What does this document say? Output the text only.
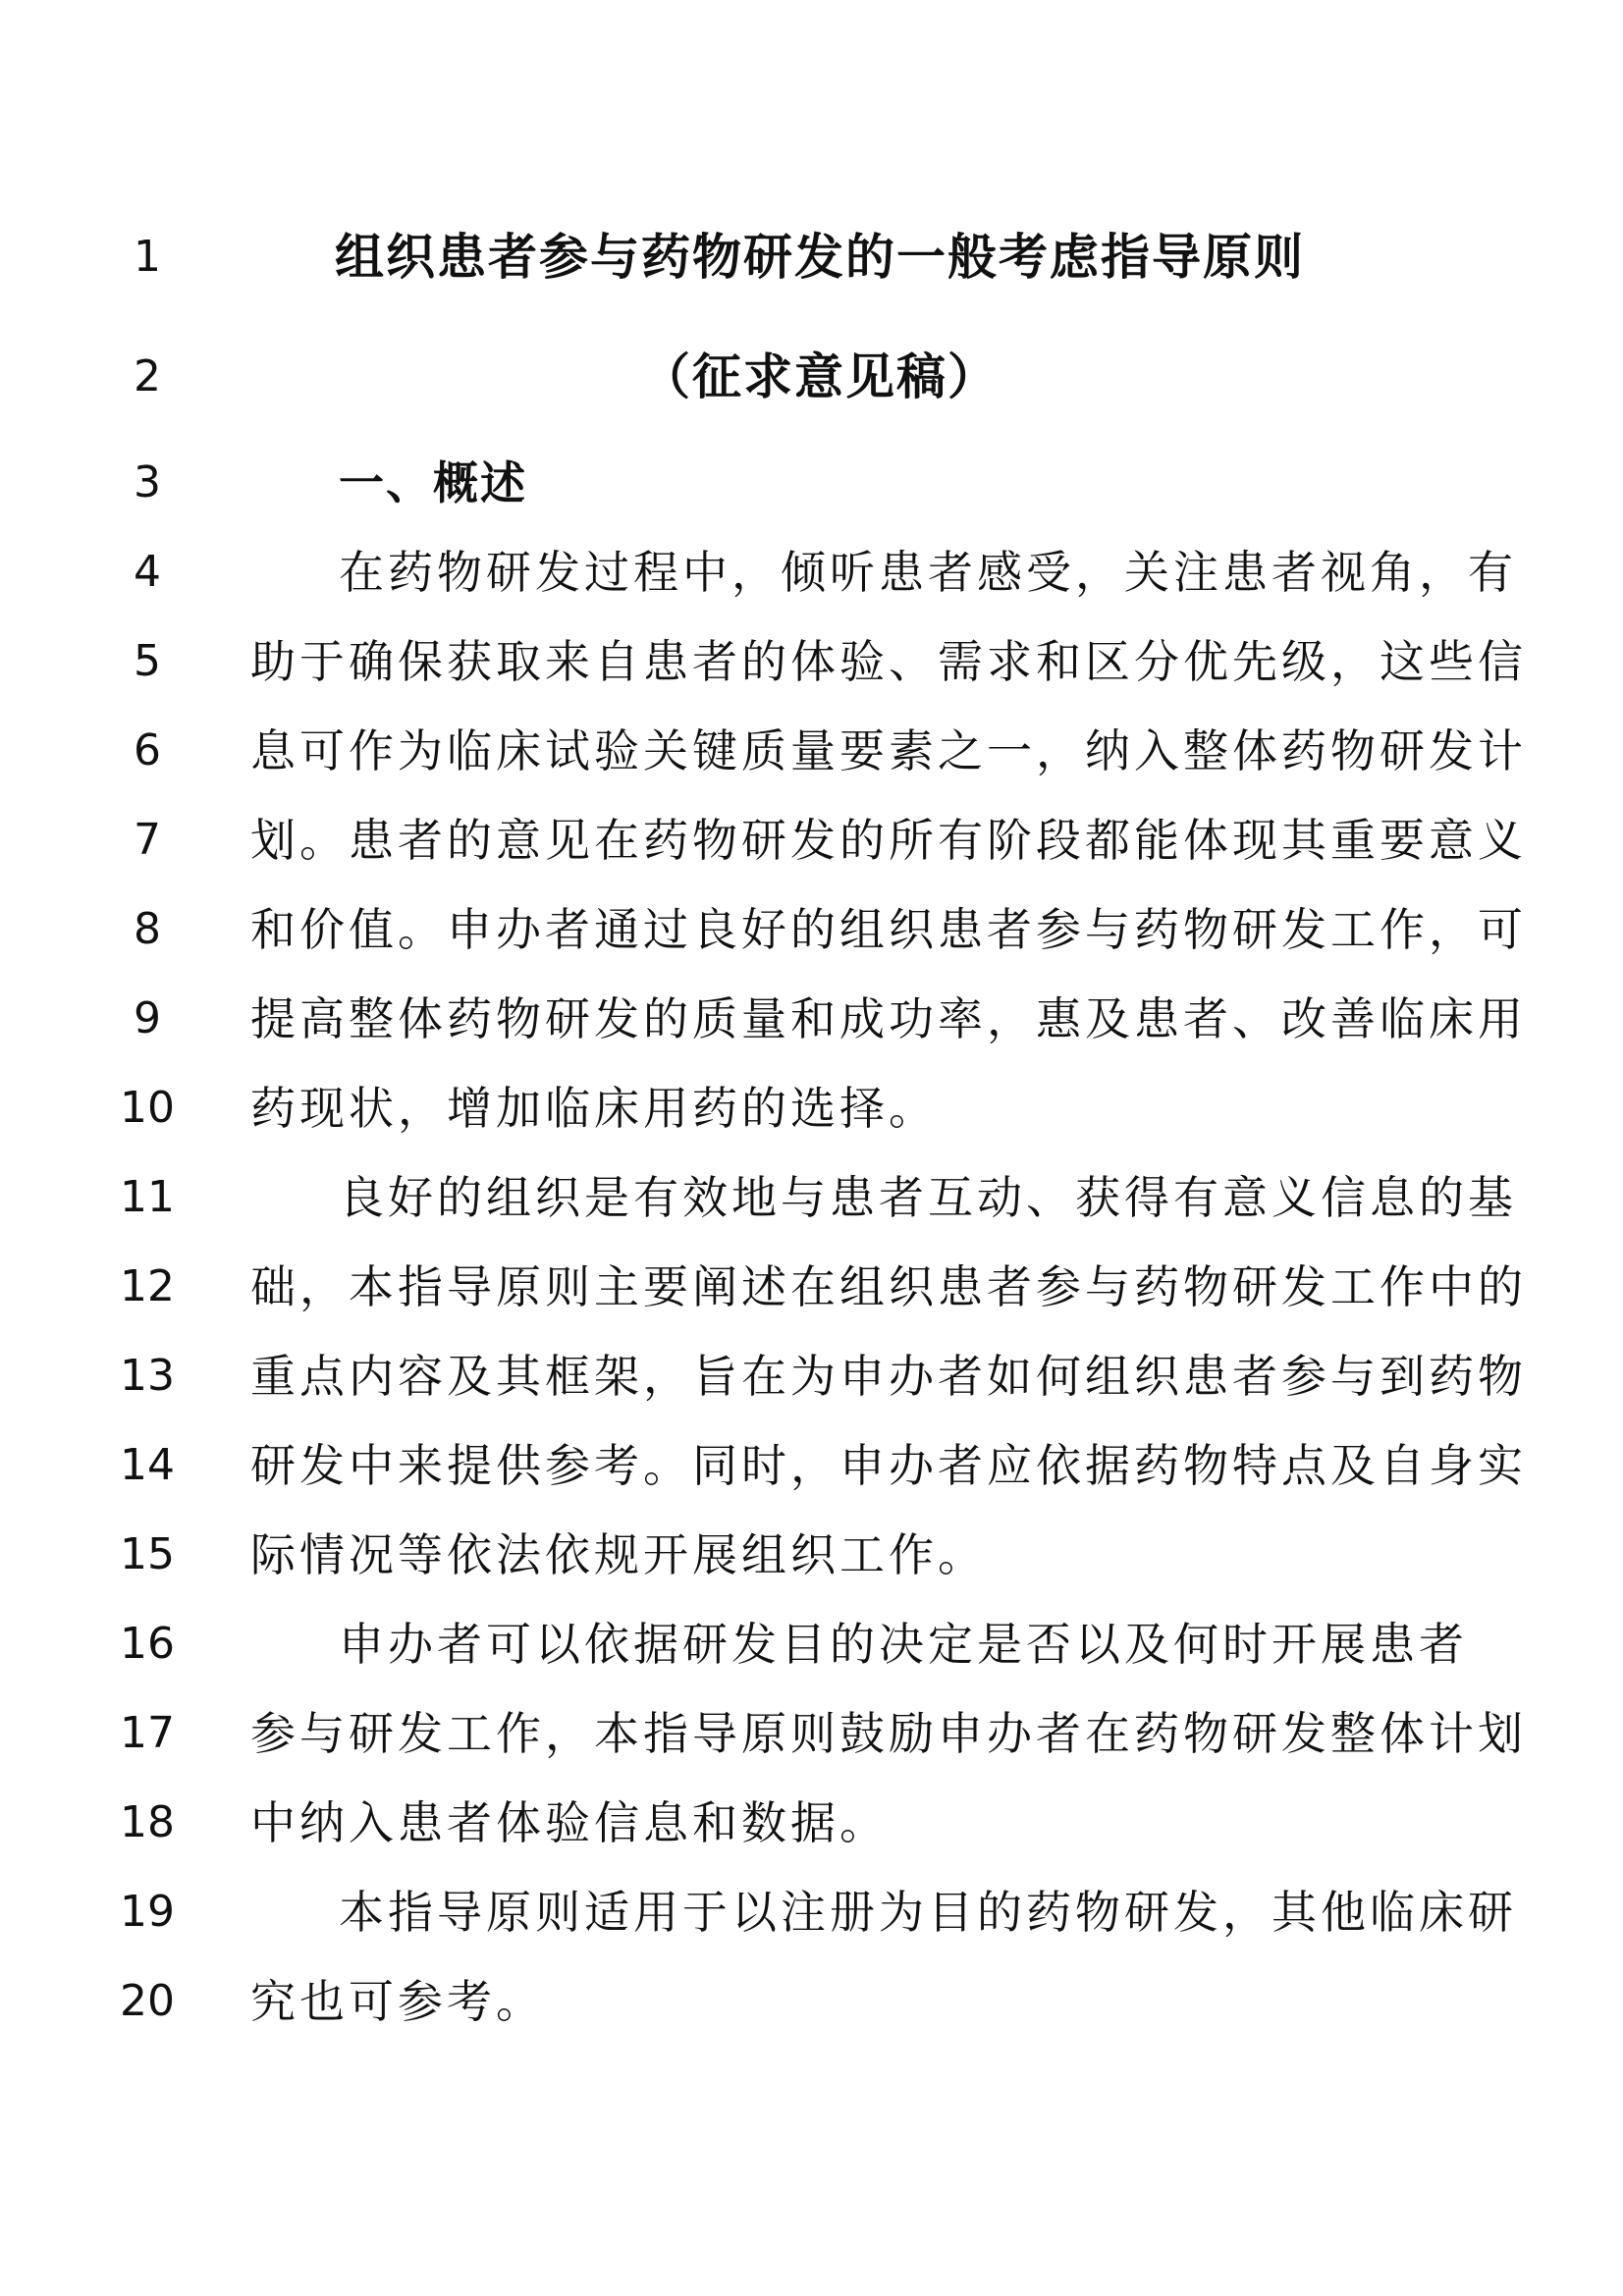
1	组织患者参与药物研发的一般考虑指导原则
2	（征求意见稿）
3	一、概述
4	在药物研发过程中，倾听患者感受，关注患者视角，有
5	助于确保获取来自患者的体验、需求和区分优先级，这些信
6	息可作为临床试验关键质量要素之一，纳入整体药物研发计
7	划。患者的意见在药物研发的所有阶段都能体现其重要意义
8	和价值。申办者通过良好的组织患者参与药物研发工作，可
9	提高整体药物研发的质量和成功率，惠及患者、改善临床用
10	药现状，增加临床用药的选择。
11	良好的组织是有效地与患者互动、获得有意义信息的基
12	础，本指导原则主要阐述在组织患者参与药物研发工作中的
13	重点内容及其框架，旨在为申办者如何组织患者参与到药物
14	研发中来提供参考。同时，申办者应依据药物特点及自身实
15	际情况等依法依规开展组织工作。
16	申办者可以依据研发目的决定是否以及何时开展患者
17	参与研发工作，本指导原则鼓励申办者在药物研发整体计划
18	中纳入患者体验信息和数据。
19	本指导原则适用于以注册为目的药物研发，其他临床研
20	究也可参考。
